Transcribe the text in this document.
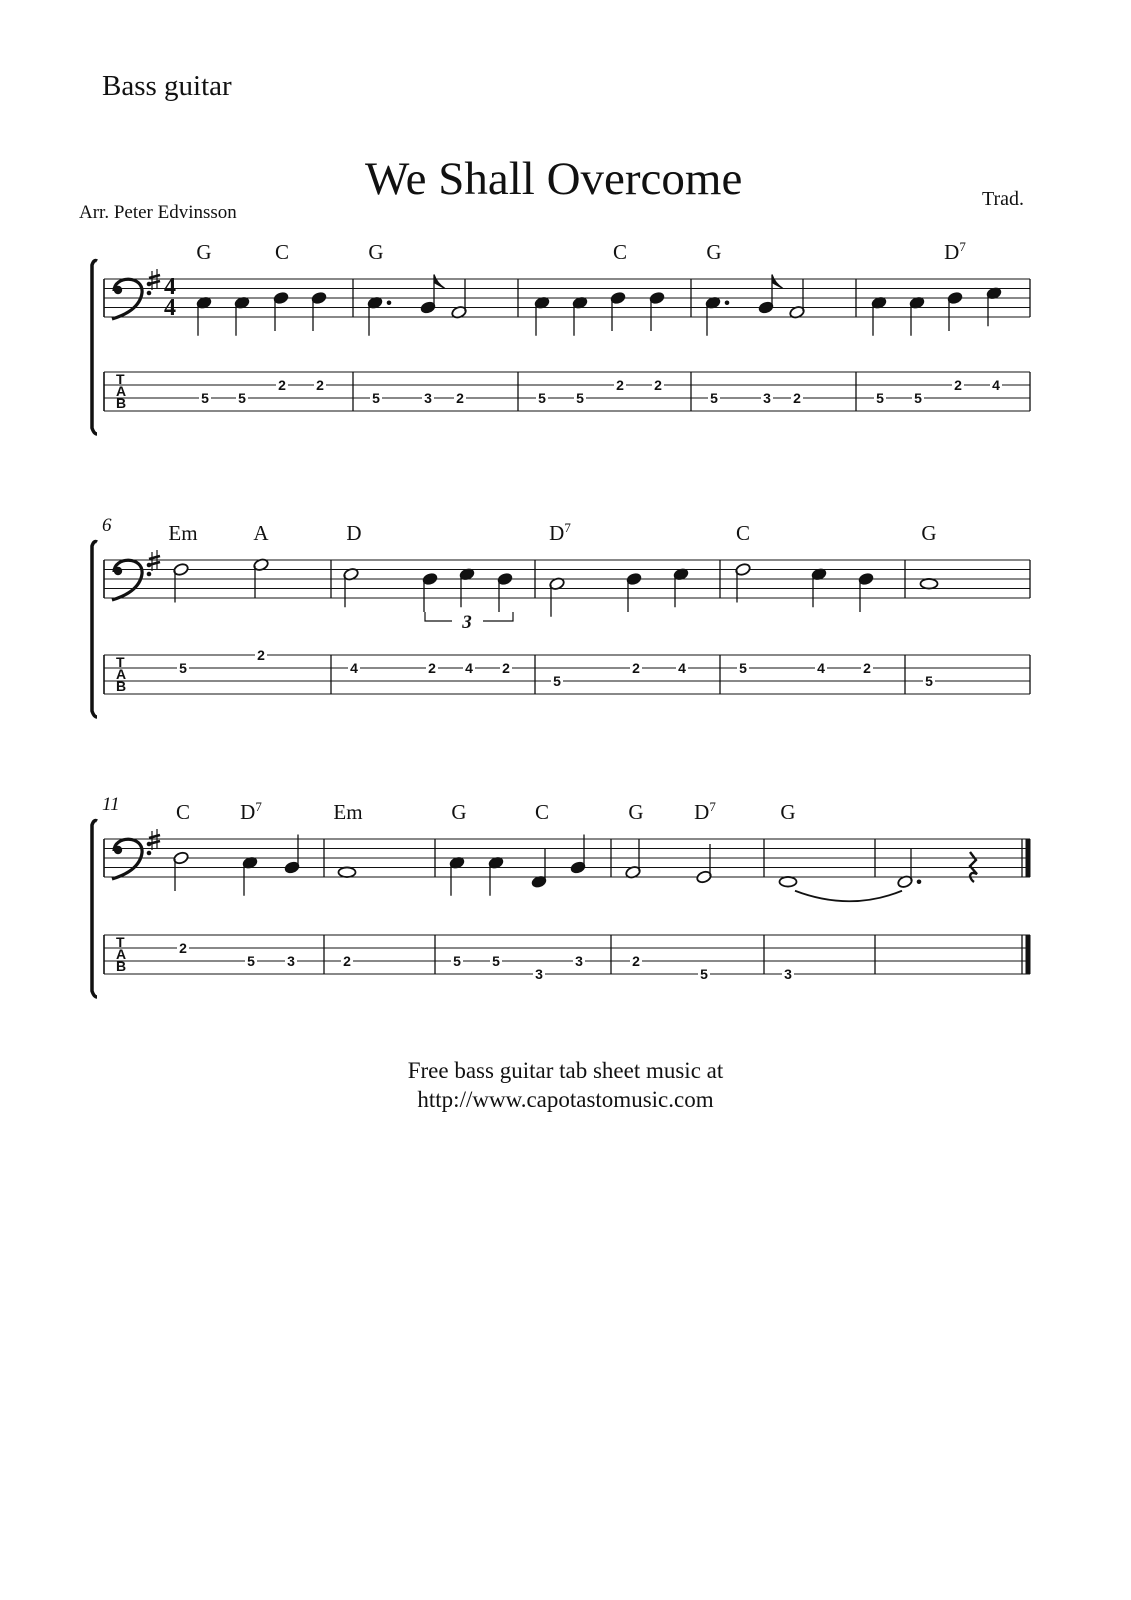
Bass guitar
We Shall Overcome
Arr. Peter Edvinsson
Trad.
Free bass guitar tab sheet music at
http://www.capotastomusic.com
4
4
T
A
B
G	C	G	C	G	$D^7$
5 5
2 2
5	3 2	5 5
2 2
5	3 2	5 5
2 4
T
A
B
6	Em	A	D	$D^7$	C	G
5
2
4	2 4 2
5
2	4	5	4	2
5
T
A
B
11	C $D^7$	Em	G	C	G $D^7$	G
2
5 3	2	5 5
3
3	2
5	3
3
